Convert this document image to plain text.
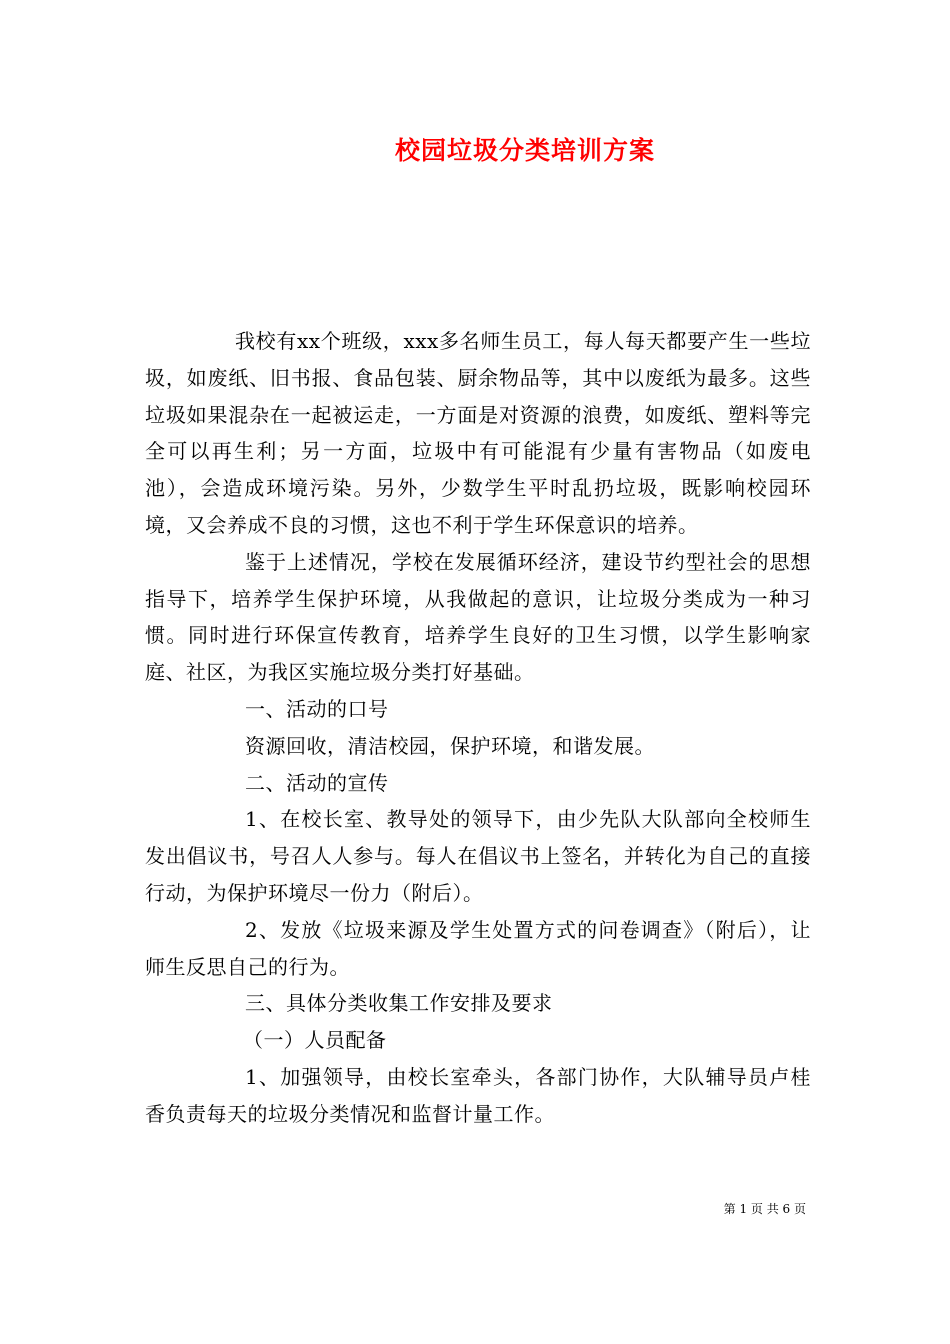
校园垃圾分类培训方案

我校有xx个班级，xxx多名师生员工，每人每天都要产生一些垃圾，如废纸、旧书报、食品包装、厨余物品等，其中以废纸为最多。这些垃圾如果混杂在一起被运走，一方面是对资源的浪费，如废纸、塑料等完全可以再生利；另一方面，垃圾中有可能混有少量有害物品（如废电池），会造成环境污染。另外，少数学生平时乱扔垃圾，既影响校园环境，又会养成不良的习惯，这也不利于学生环保意识的培养。

鉴于上述情况，学校在发展循环经济，建设节约型社会的思想指导下，培养学生保护环境，从我做起的意识，让垃圾分类成为一种习惯。同时进行环保宣传教育，培养学生良好的卫生习惯，以学生影响家庭、社区，为我区实施垃圾分类打好基础。

一、活动的口号

资源回收，清洁校园，保护环境，和谐发展。

二、活动的宣传

1、在校长室、教导处的领导下，由少先队大队部向全校师生发出倡议书，号召人人参与。每人在倡议书上签名，并转化为自己的直接行动，为保护环境尽一份力（附后）。

2、发放《垃圾来源及学生处置方式的问卷调查》（附后），让师生反思自己的行为。

三、具体分类收集工作安排及要求

（一）人员配备

1、加强领导，由校长室牵头，各部门协作，大队辅导员卢桂香负责每天的垃圾分类情况和监督计量工作。

第 1 页 共 6 页
